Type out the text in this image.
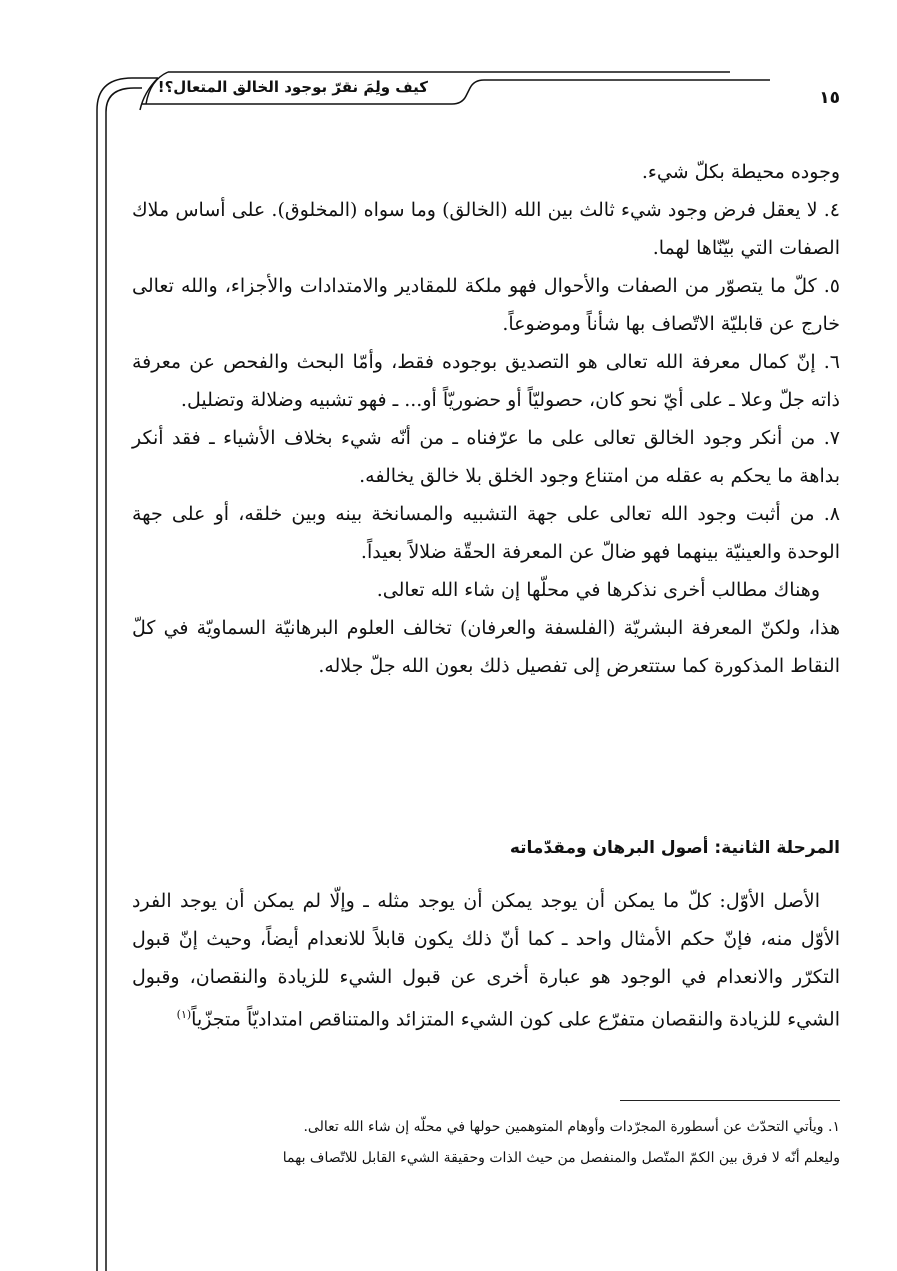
كيف ولِمَ نقرّ بوجود الخالق المتعال؟!
١٥

وجوده محيطة بكلّ شيء.

٤. لا يعقل فرض وجود شيء ثالث بين الله (الخالق) وما سواه (المخلوق). على أساس ملاك الصفات التي بيّنّاها لهما.

٥. كلّ ما يتصوّر من الصفات والأحوال فهو ملكة للمقادير والامتدادات والأجزاء، والله تعالى خارج عن قابليّة الاتّصاف بها شأناً وموضوعاً.

٦. إنّ كمال معرفة الله تعالى هو التصديق بوجوده فقط، وأمّا البحث والفحص عن معرفة ذاته جلّ وعلا ـ على أيّ نحو كان، حصوليّاً أو حضوريّاً أو... ـ فهو تشبيه وضلالة وتضليل.

٧. من أنكر وجود الخالق تعالى على ما عرّفناه ـ من أنّه شيء بخلاف الأشياء ـ فقد أنكر بداهة ما يحكم به عقله من امتناع وجود الخلق بلا خالق يخالفه.

٨. من أثبت وجود الله تعالى على جهة التشبيه والمسانخة بينه وبين خلقه، أو على جهة الوحدة والعينيّة بينهما فهو ضالّ عن المعرفة الحقّة ضلالاً بعيداً.

وهناك مطالب أخرى نذكرها في محلّها إن شاء الله تعالى.

هذا، ولكنّ المعرفة البشريّة (الفلسفة والعرفان) تخالف العلوم البرهانيّة السماويّة في كلّ النقاط المذكورة كما ستتعرض إلى تفصيل ذلك بعون الله جلّ جلاله.

المرحلة الثانية: أصول البرهان ومقدّماته

الأصل الأوّل: كلّ ما يمكن أن يوجد يمكن أن يوجد مثله ـ وإلّا لم يمكن أن يوجد الفرد الأوّل منه، فإنّ حكم الأمثال واحد ـ كما أنّ ذلك يكون قابلاً للانعدام أيضاً، وحيث إنّ قبول التكرّر والانعدام في الوجود هو عبارة أخرى عن قبول الشيء للزيادة والنقصان، وقبول الشيء للزيادة والنقصان متفرّع على كون الشيء المتزائد والمتناقص امتداديّاً متجزّياً$^{(١)}$

١. ويأتي التحدّث عن أسطورة المجرّدات وأوهام المتوهمين حولها في محلّه إن شاء الله تعالى.

وليعلم أنّه لا فرق بين الكمّ المتّصل والمنفصل من حيث الذات وحقيقة الشيء القابل للاتّصاف بهما
